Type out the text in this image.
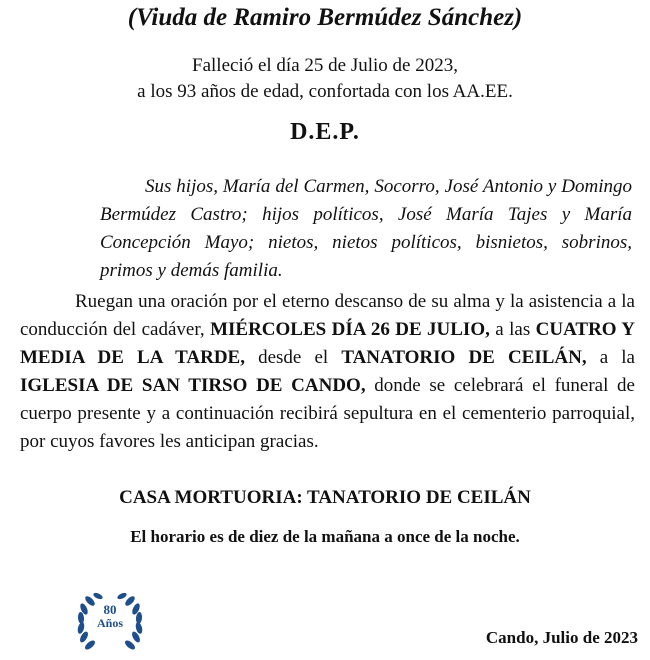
(Viuda de Ramiro Bermúdez Sánchez)
Falleció el día 25 de Julio de 2023,
a los 93 años de edad, confortada con los AA.EE.
D.E.P.
Sus hijos, María del Carmen, Socorro, José Antonio y Domingo Bermúdez Castro; hijos políticos, José María Tajes y María Concepción Mayo; nietos, nietos políticos, bisnietos, sobrinos, primos y demás familia.
Ruegan una oración por el eterno descanso de su alma y la asistencia a la conducción del cadáver, MIÉRCOLES DÍA 26 DE JULIO, a las CUATRO Y MEDIA DE LA TARDE, desde el TANATORIO DE CEILÁN, a la IGLESIA DE SAN TIRSO DE CANDO, donde se celebrará el funeral de cuerpo presente y a continuación recibirá sepultura en el cementerio parroquial, por cuyos favores les anticipan gracias.
CASA MORTUORIA: TANATORIO DE CEILÁN
El horario es de diez de la mañana a once de la noche.
80
Años
Cando, Julio de 2023
